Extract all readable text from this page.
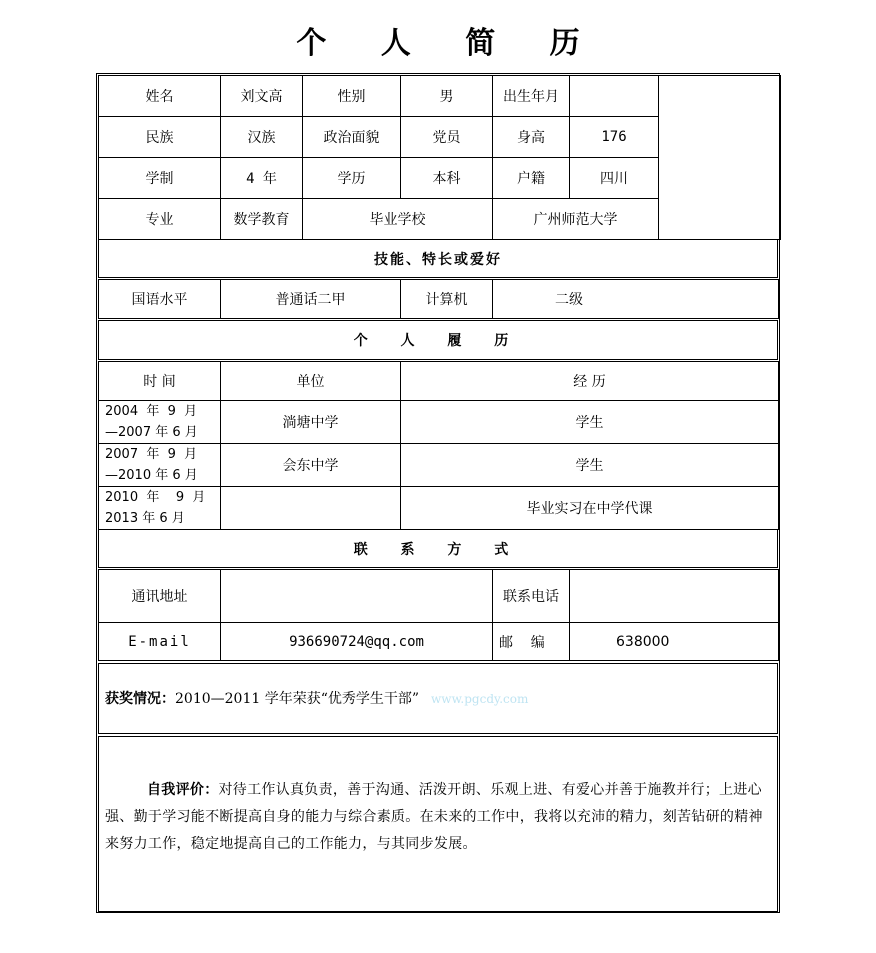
个 人 简 历
姓名	刘文高	性别	男	出生年月		
民族	汉族	政治面貌	党员	身高	176	
学制	4 年	学历	本科	户籍	四川	
专业	数学教育	毕业学校		广州师范大学		
技能、特长或爱好
国语水平	普通话二甲	计算机	二级
个 人 履 历
时 间	单位	经 历

2004  年  9  月
—2007 年 6 月	淌塘中学	学生

2007  年  9  月
—2010 年 6 月	会东中学	学生

2010  年    9  月
2013 年 6 月		毕业实习在中学代课
联 系 方 式
通讯地址		联系电话	
E-mail	936690724@qq.com	邮    编	638000
获奖情况：2010—2011 学年荣获“优秀学生干部” www.pgcdy.com
自我评价：对待工作认真负责，善于沟通、活泼开朗、乐观上进、有爱心并善于施教并行；上进心强、勤于学习能不断提高自身的能力与综合素质。在未来的工作中，我将以充沛的精力，刻苦钻研的精神来努力工作，稳定地提高自己的工作能力，与其同步发展。
